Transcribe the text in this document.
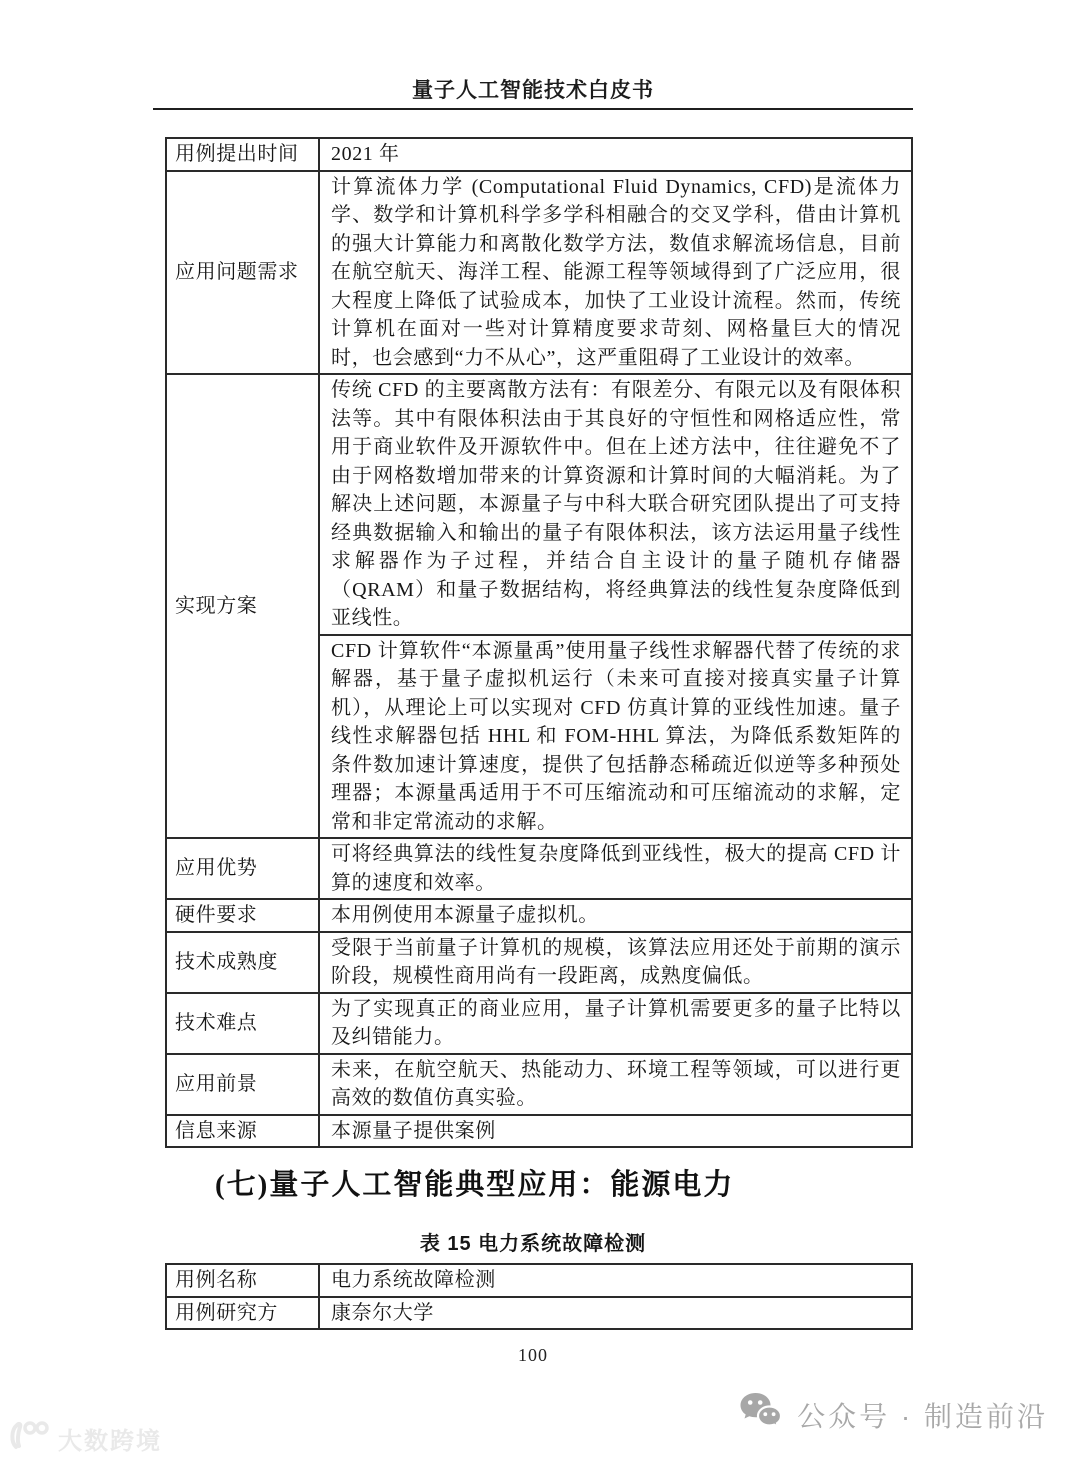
量子人工智能技术白皮书
用例提出时间	2021 年
应用问题需求	计算流体力学 (Computational Fluid Dynamics, CFD)是流体力学、数学和计算机科学多学科相融合的交叉学科，借由计算机的强大计算能力和离散化数学方法，数值求解流场信息，目前在航空航天、海洋工程、能源工程等领域得到了广泛应用，很大程度上降低了试验成本，加快了工业设计流程。然而，传统计算机在面对一些对计算精度要求苛刻、网格量巨大的情况时，也会感到“力不从心”，这严重阻碍了工业设计的效率。
实现方案	传统 CFD 的主要离散方法有：有限差分、有限元以及有限体积法等。其中有限体积法由于其良好的守恒性和网格适应性，常用于商业软件及开源软件中。但在上述方法中，往往避免不了由于网格数增加带来的计算资源和计算时间的大幅消耗。为了解决上述问题，本源量子与中科大联合研究团队提出了可支持经典数据输入和输出的量子有限体积法，该方法运用量子线性求解器作为子过程，并结合自主设计的量子随机存储器（QRAM）和量子数据结构，将经典算法的线性复杂度降低到亚线性。
	CFD 计算软件“本源量禹”使用量子线性求解器代替了传统的求解器，基于量子虚拟机运行（未来可直接对接真实量子计算机），从理论上可以实现对 CFD 仿真计算的亚线性加速。量子线性求解器包括 HHL 和 FOM-HHL 算法，为降低系数矩阵的条件数加速计算速度，提供了包括静态稀疏近似逆等多种预处理器；本源量禹适用于不可压缩流动和可压缩流动的求解，定常和非定常流动的求解。
应用优势	可将经典算法的线性复杂度降低到亚线性，极大的提高 CFD 计算的速度和效率。
硬件要求	本用例使用本源量子虚拟机。
技术成熟度	受限于当前量子计算机的规模，该算法应用还处于前期的演示阶段，规模性商用尚有一段距离，成熟度偏低。
技术难点	为了实现真正的商业应用，量子计算机需要更多的量子比特以及纠错能力。
应用前景	未来，在航空航天、热能动力、环境工程等领域，可以进行更高效的数值仿真实验。
信息来源	本源量子提供案例
(七)量子人工智能典型应用：能源电力
表 15 电力系统故障检测
用例名称	电力系统故障检测
用例研究方	康奈尔大学
100
大数跨境
公众号 · 制造前沿
